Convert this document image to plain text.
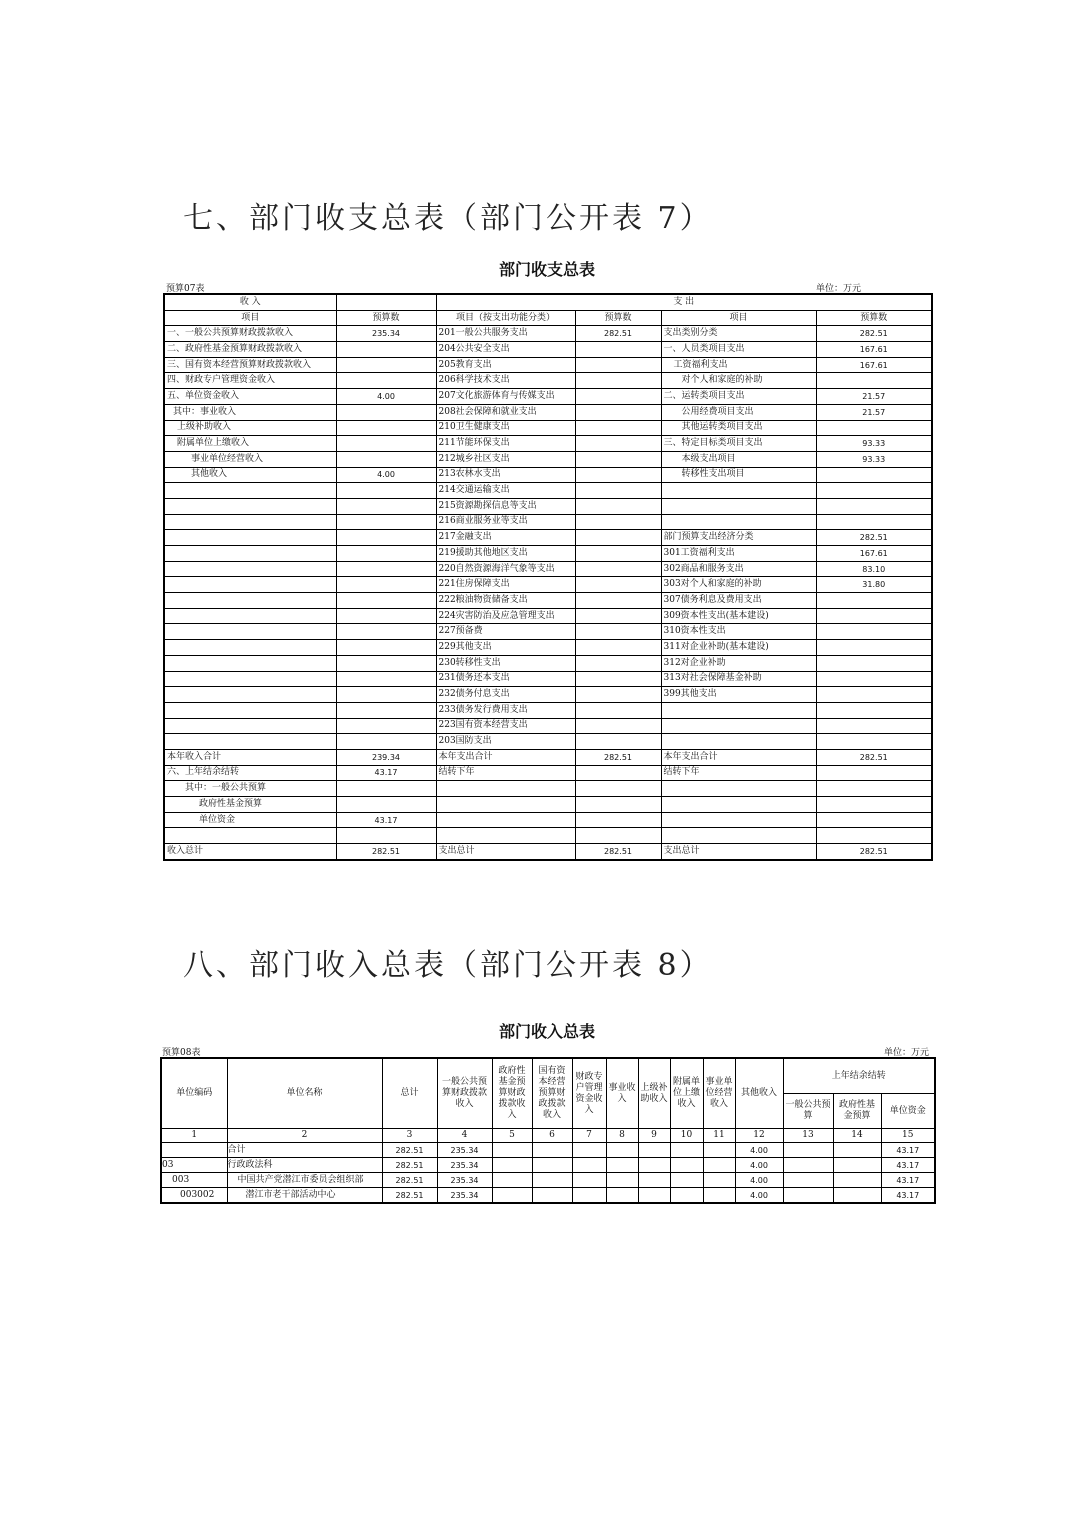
七、部门收支总表（部门公开表 7）
部门收支总表
预算07表	单位：万元
收 入		支 出			
项目	预算数	项目（按支出功能分类）	预算数	项目	预算数
一、一般公共预算财政拨款收入	235.34	201一般公共服务支出	282.51	支出类别分类	282.51
二、政府性基金预算财政拨款收入		204公共安全支出		一、人员类项目支出	167.61
三、国有资本经营预算财政拨款收入		205教育支出		工资福利支出	167.61
四、财政专户管理资金收入		206科学技术支出		对个人和家庭的补助	
五、单位资金收入	4.00	207文化旅游体育与传媒支出		二、运转类项目支出	21.57
其中：事业收入		208社会保障和就业支出		公用经费项目支出	21.57
上级补助收入		210卫生健康支出		其他运转类项目支出	
附属单位上缴收入		211节能环保支出		三、特定目标类项目支出	93.33
事业单位经营收入		212城乡社区支出		本级支出项目	93.33
其他收入	4.00	213农林水支出		转移性支出项目	
		214交通运输支出			
		215资源勘探信息等支出			
		216商业服务业等支出			
		217金融支出		部门预算支出经济分类	282.51
		219援助其他地区支出		301工资福利支出	167.61
		220自然资源海洋气象等支出		302商品和服务支出	83.10
		221住房保障支出		303对个人和家庭的补助	31.80
		222粮油物资储备支出		307债务利息及费用支出	
		224灾害防治及应急管理支出		309资本性支出(基本建设)	
		227预备费		310资本性支出	
		229其他支出		311对企业补助(基本建设)	
		230转移性支出		312对企业补助	
		231债务还本支出		313对社会保障基金补助	
		232债务付息支出		399其他支出	
		233债务发行费用支出			
		223国有资本经营支出			
		203国防支出			
本年收入合计	239.34	本年支出合计	282.51	本年支出合计	282.51
六、上年结余结转	43.17	结转下年		结转下年	
其中：一般公共预算					
政府性基金预算					
单位资金	43.17				

收入总计	282.51	支出总计	282.51	支出总计	282.51
八、部门收入总表（部门公开表 8）
部门收入总表
预算08表	单位：万元
单位编码	单位名称	总计	一般公共预算财政拨款收入	政府性基金预算财政拨款收入	国有资本经营预算财政拨款收入	财政专户管理资金收入	事业收入	上级补助收入	附属单位上缴收入	事业单位经营收入	其他收入	上年结余结转		
												一般公共预算	政府性基金预算	单位资金
1	2	3	4	5	6	7	8	9	10	11	12	13	14	15
	合计	282.51	235.34								4.00			43.17
03	行政政法科	282.51	235.34								4.00			43.17
003	中国共产党潜江市委员会组织部	282.51	235.34								4.00			43.17
003002	潜江市老干部活动中心	282.51	235.34								4.00			43.17
